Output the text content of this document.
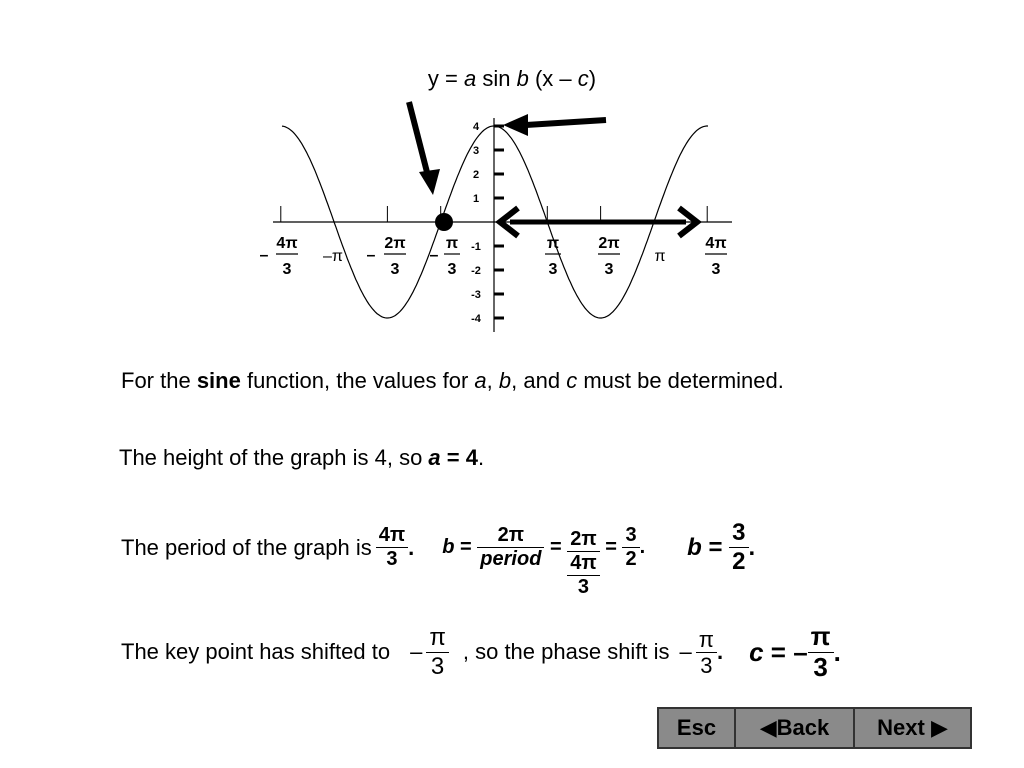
y = a sin b (x – c)
4
3
2
1
-1
-2
-3
-4
–
4π
3
–π –
2π
3
–
π
3
π
3
2π
3
π
4π
3
For the sine function, the values for a, b, and c must be determined.
The height of the graph is 4, so a = 4.
The period of the graph is $\frac{4\pi}{3}$ . $b = \frac{2\pi}{\text{period}} = 2\pi$
4π
3
= $\frac{3}{2}$ . $b = \frac{3}{2}$ .
The key point has shifted to – $\frac{\pi}{3}$ , so the phase shift is – $\frac{\pi}{3}$ . c = – $\frac{\pi}{3}$ .
Esc	◀Back	Next ▶
